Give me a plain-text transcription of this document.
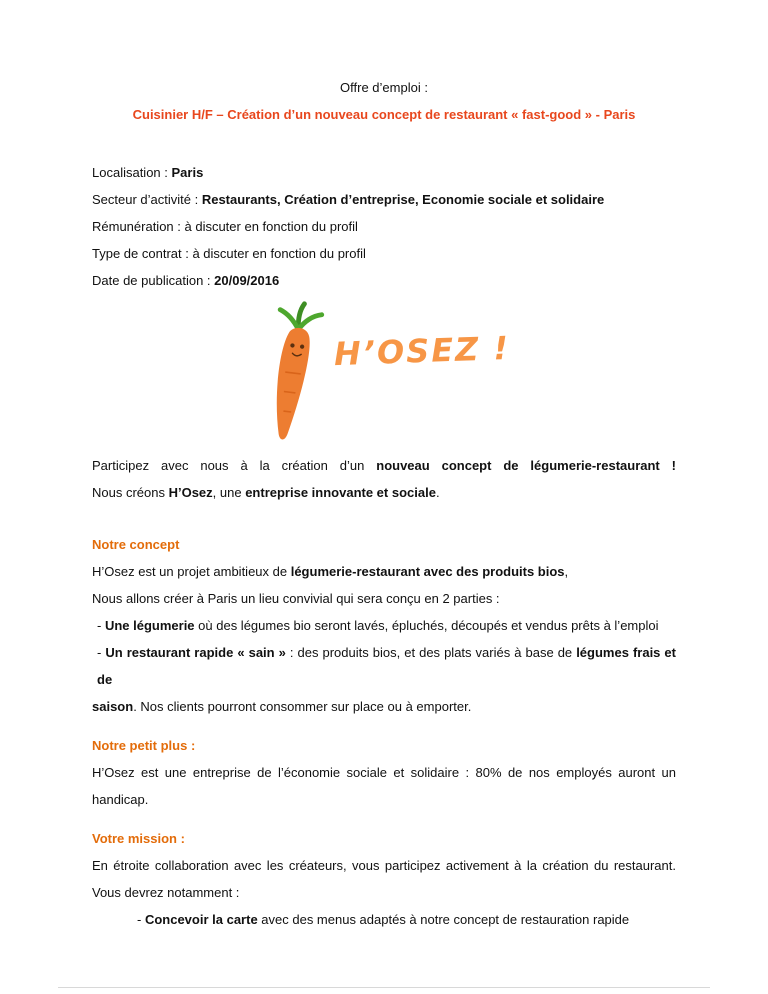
Offre d’emploi :

Cuisinier H/F – Création d’un nouveau concept de restaurant « fast-good » - Paris

Localisation : Paris

Secteur d’activité : Restaurants, Création d’entreprise, Economie sociale et solidaire

Rémunération : à discuter en fonction du profil

Type de contrat : à discuter en fonction du profil

Date de publication : 20/09/2016

H’OSEZ !

Participez avec nous à la création d’un nouveau concept de légumerie-restaurant !

Nous créons H’Osez, une entreprise innovante et sociale.

Notre concept

H’Osez est un projet ambitieux de légumerie-restaurant avec des produits bios,

Nous allons créer à Paris un lieu convivial qui sera conçu en 2 parties :

- Une légumerie où des légumes bio seront lavés, épluchés, découpés et vendus prêts à l’emploi

- Un restaurant rapide « sain » : des produits bios, et des plats variés à base de légumes frais et de

saison. Nos clients pourront consommer sur place ou à emporter.

Notre petit plus :

H’Osez est une entreprise de l’économie sociale et solidaire : 80% de nos employés auront un

handicap.

Votre mission :

En étroite collaboration avec les créateurs, vous participez activement à la création du restaurant.

Vous devrez notamment :

- Concevoir la carte avec des menus adaptés à notre concept de restauration rapide
